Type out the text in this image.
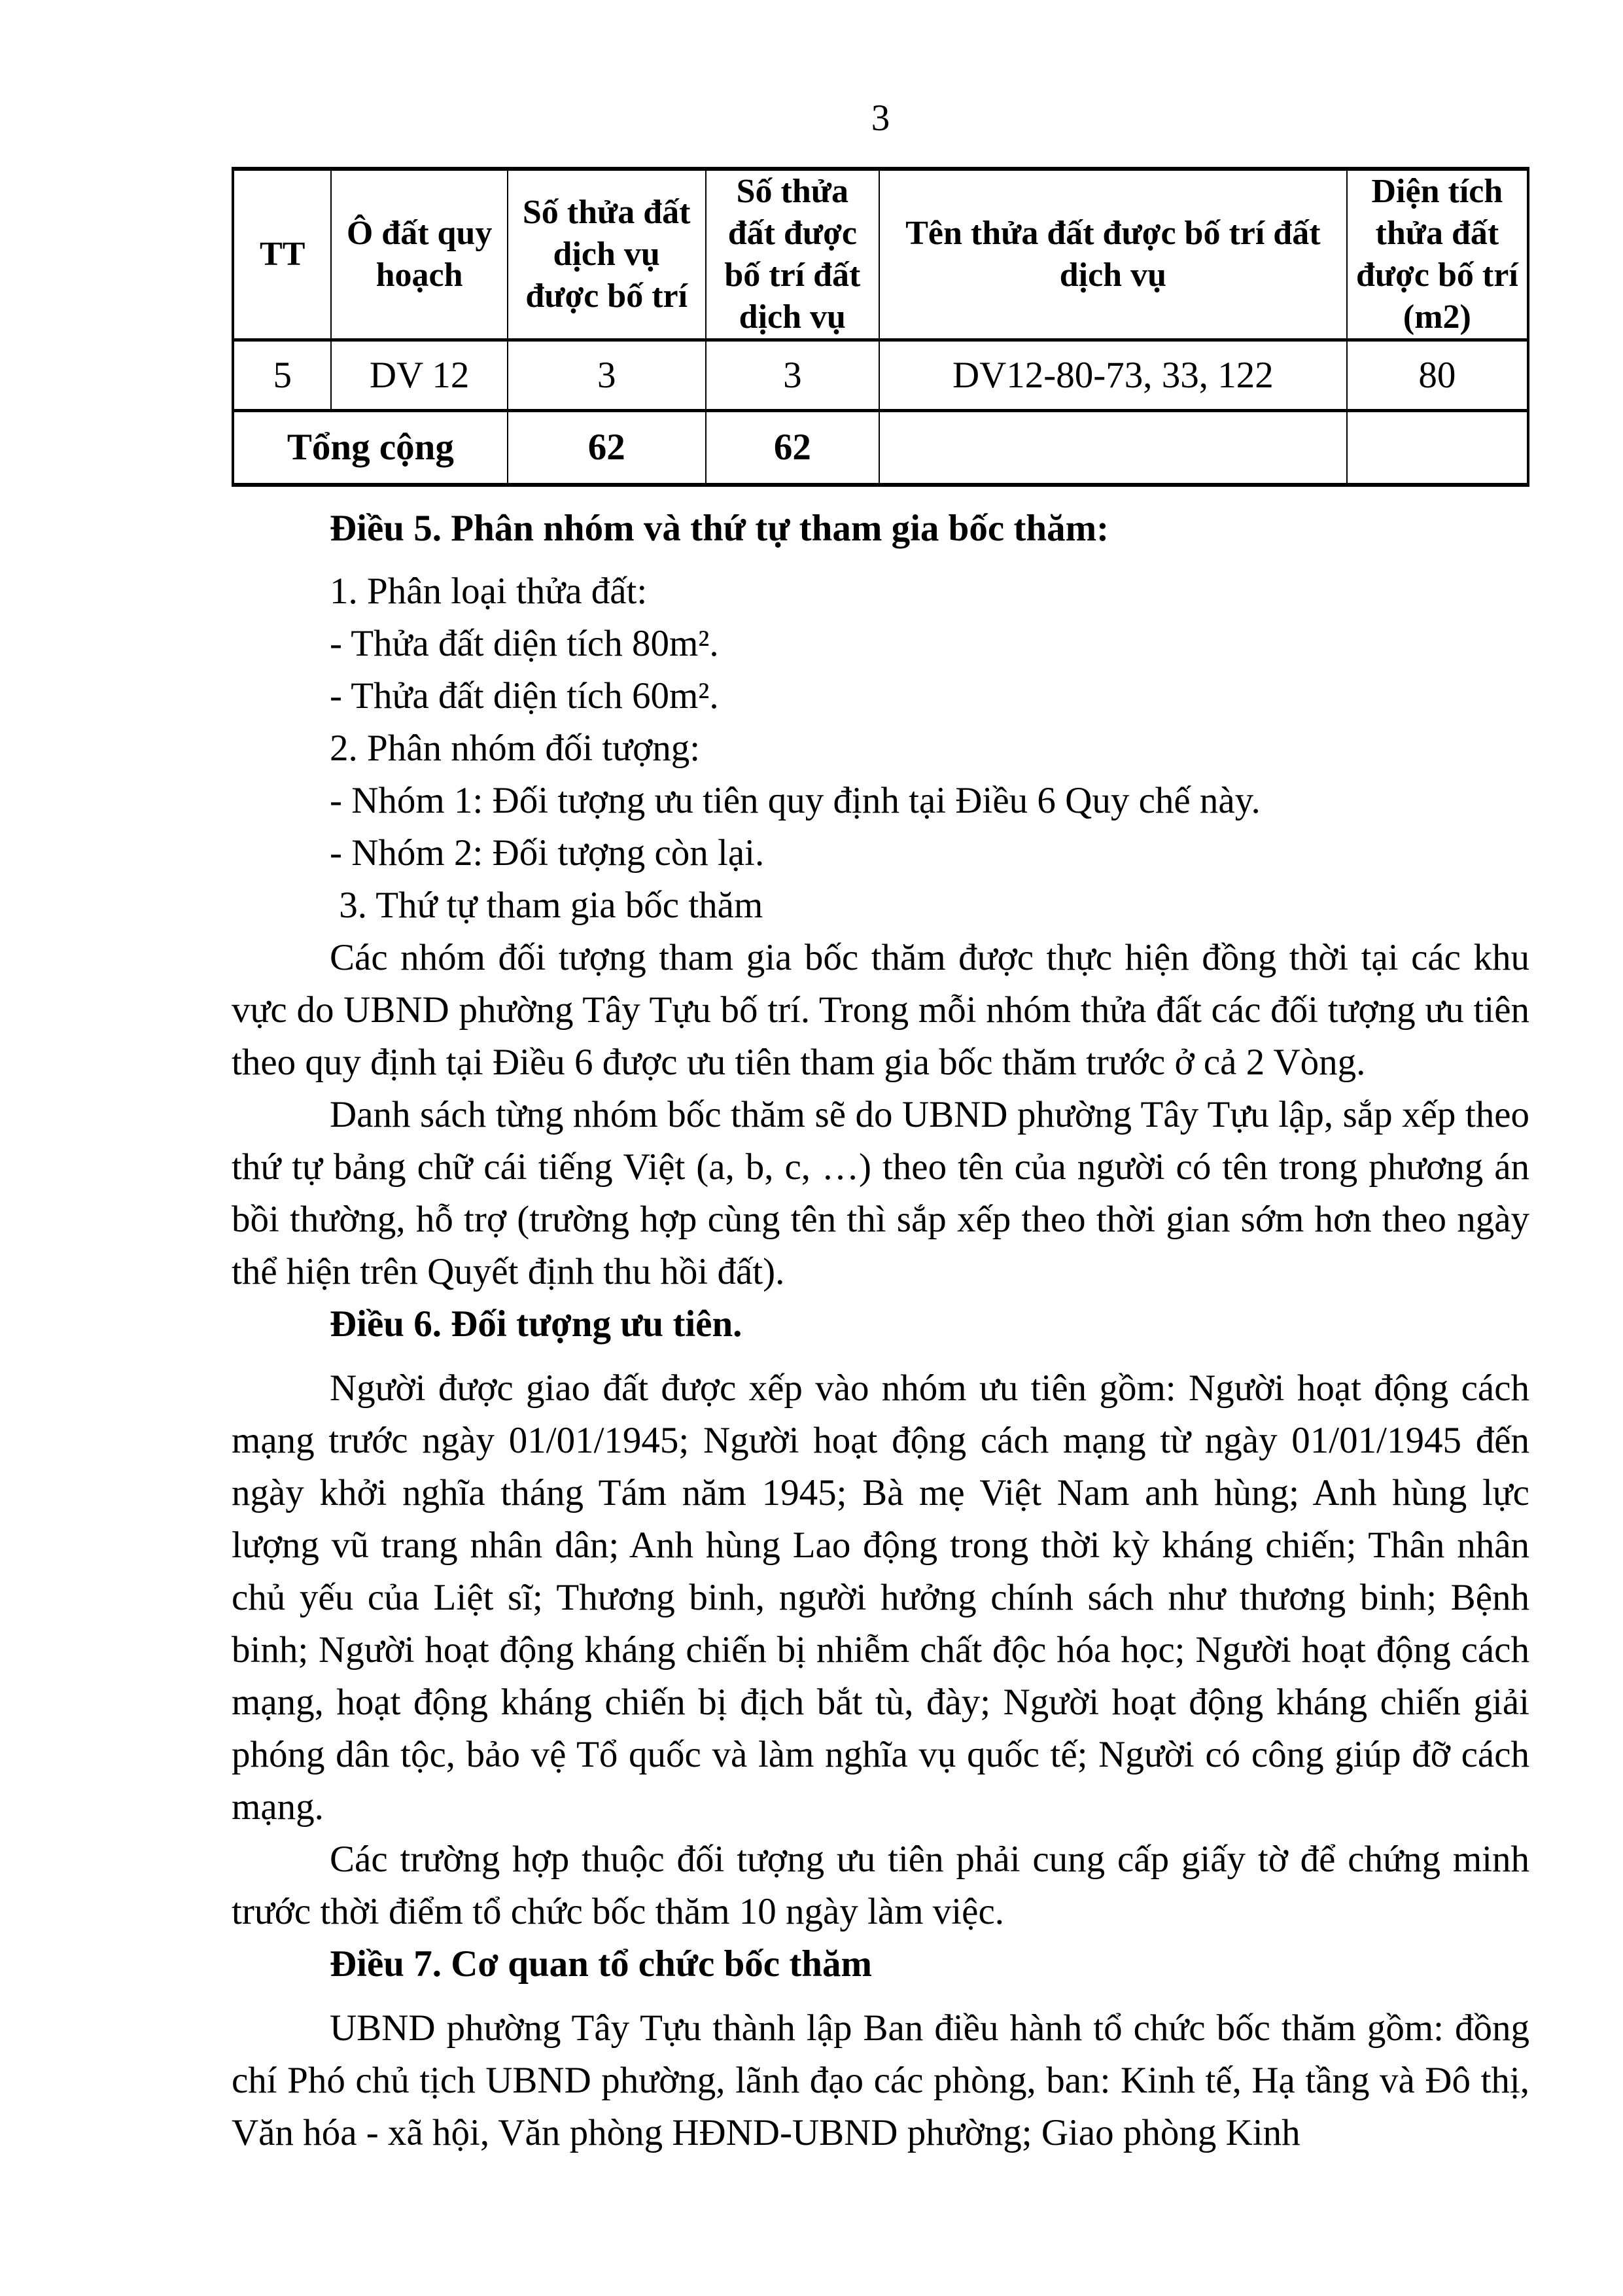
3
TT	Ô đất quy hoạch	Số thửa đất dịch vụ được bố trí	Số thửa đất được bố trí đất dịch vụ	Tên thửa đất được bố trí đất dịch vụ	Diện tích thửa đất được bố trí (m2)
5	DV 12	3	3	DV12-80-73, 33, 122	80
Tổng cộng		62	62		
Điều 5. Phân nhóm và thứ tự tham gia bốc thăm:
1. Phân loại thửa đất:
- Thửa đất diện tích 80m².
- Thửa đất diện tích 60m².
2. Phân nhóm đối tượng:
- Nhóm 1: Đối tượng ưu tiên quy định tại Điều 6 Quy chế này.
- Nhóm 2: Đối tượng còn lại.
3. Thứ tự tham gia bốc thăm

Các nhóm đối tượng tham gia bốc thăm được thực hiện đồng thời tại các khu vực do UBND phường Tây Tựu bố trí. Trong mỗi nhóm thửa đất các đối tượng ưu tiên theo quy định tại Điều 6 được ưu tiên tham gia bốc thăm trước ở cả 2 Vòng.

Danh sách từng nhóm bốc thăm sẽ do UBND phường Tây Tựu lập, sắp xếp theo thứ tự bảng chữ cái tiếng Việt (a, b, c, …) theo tên của người có tên trong phương án bồi thường, hỗ trợ (trường hợp cùng tên thì sắp xếp theo thời gian sớm hơn theo ngày thể hiện trên Quyết định thu hồi đất).

Điều 6. Đối tượng ưu tiên.

Người được giao đất được xếp vào nhóm ưu tiên gồm: Người hoạt động cách mạng trước ngày 01/01/1945; Người hoạt động cách mạng từ ngày 01/01/1945 đến ngày khởi nghĩa tháng Tám năm 1945; Bà mẹ Việt Nam anh hùng; Anh hùng lực lượng vũ trang nhân dân; Anh hùng Lao động trong thời kỳ kháng chiến; Thân nhân chủ yếu của Liệt sĩ; Thương binh, người hưởng chính sách như thương binh; Bệnh binh; Người hoạt động kháng chiến bị nhiễm chất độc hóa học; Người hoạt động cách mạng, hoạt động kháng chiến bị địch bắt tù, đày; Người hoạt động kháng chiến giải phóng dân tộc, bảo vệ Tổ quốc và làm nghĩa vụ quốc tế; Người có công giúp đỡ cách mạng.

Các trường hợp thuộc đối tượng ưu tiên phải cung cấp giấy tờ để chứng minh trước thời điểm tổ chức bốc thăm 10 ngày làm việc.

Điều 7. Cơ quan tổ chức bốc thăm

UBND phường Tây Tựu thành lập Ban điều hành tổ chức bốc thăm gồm: đồng chí Phó chủ tịch UBND phường, lãnh đạo các phòng, ban: Kinh tế, Hạ tầng và Đô thị, Văn hóa - xã hội, Văn phòng HĐND-UBND phường; Giao phòng Kinh
